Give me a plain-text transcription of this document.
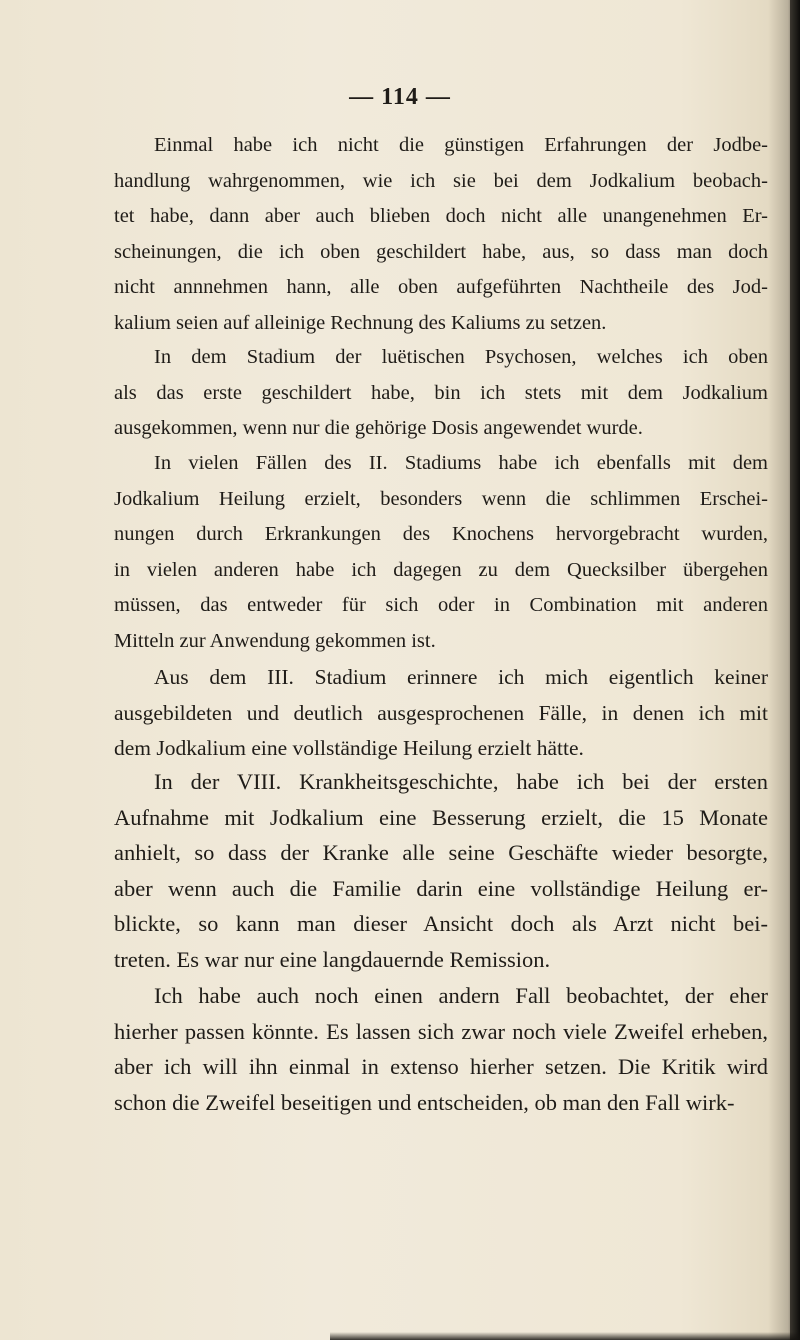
— 114 —
Einmal habe ich nicht die günstigen Erfahrungen der Jodbe-
handlung wahrgenommen, wie ich sie bei dem Jodkalium beobach-
tet habe, dann aber auch blieben doch nicht alle unangenehmen Er-
scheinungen, die ich oben geschildert habe, aus, so dass man doch
nicht annnehmen hann, alle oben aufgeführten Nachtheile des Jod-
kalium seien auf alleinige Rechnung des Kaliums zu setzen.
In dem Stadium der luëtischen Psychosen, welches ich oben
als das erste geschildert habe, bin ich stets mit dem Jodkalium
ausgekommen, wenn nur die gehörige Dosis angewendet wurde.
In vielen Fällen des II. Stadiums habe ich ebenfalls mit dem
Jodkalium Heilung erzielt, besonders wenn die schlimmen Erschei-
nungen durch Erkrankungen des Knochens hervorgebracht wurden,
in vielen anderen habe ich dagegen zu dem Quecksilber übergehen
müssen, das entweder für sich oder in Combination mit anderen
Mitteln zur Anwendung gekommen ist.
Aus dem III. Stadium erinnere ich mich eigentlich keiner
ausgebildeten und deutlich ausgesprochenen Fälle, in denen ich mit
dem Jodkalium eine vollständige Heilung erzielt hätte.
In der VIII. Krankheitsgeschichte, habe ich bei der ersten
Aufnahme mit Jodkalium eine Besserung erzielt, die 15 Monate
anhielt, so dass der Kranke alle seine Geschäfte wieder besorgte,
aber wenn auch die Familie darin eine vollständige Heilung er-
blickte, so kann man dieser Ansicht doch als Arzt nicht bei-
treten. Es war nur eine langdauernde Remission.
Ich habe auch noch einen andern Fall beobachtet, der eher
hierher passen könnte. Es lassen sich zwar noch viele Zweifel erheben,
aber ich will ihn einmal in extenso hierher setzen. Die Kritik wird
schon die Zweifel beseitigen und entscheiden, ob man den Fall wirk-
